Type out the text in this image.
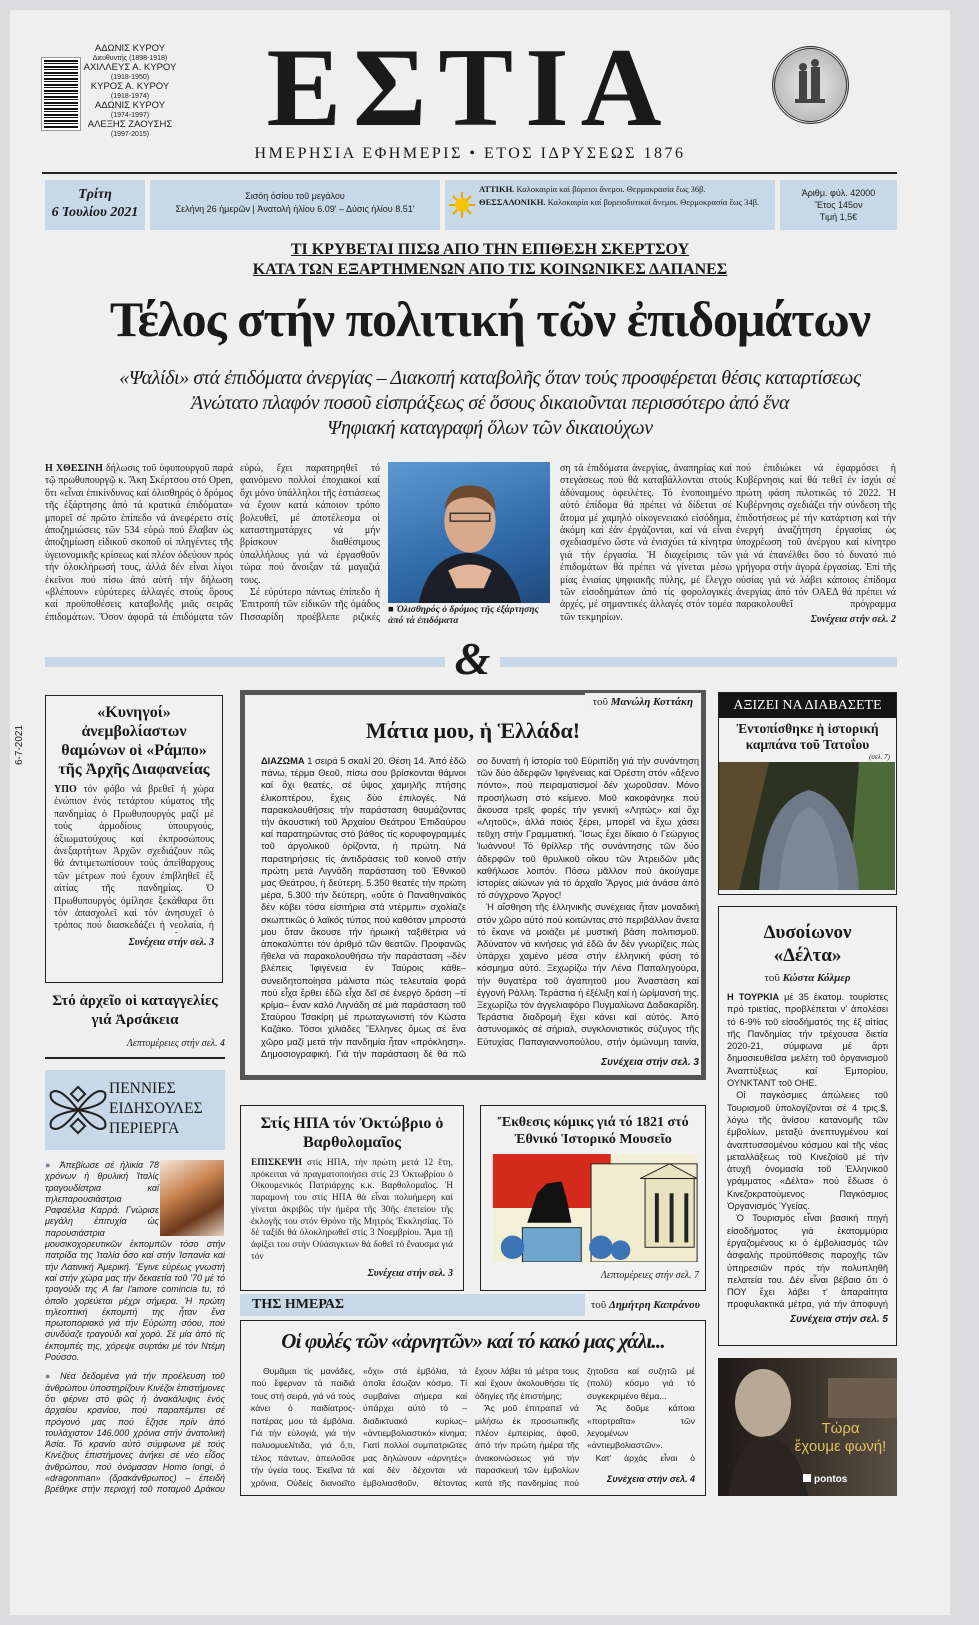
ΑΔΩΝΙΣ ΚΥΡΟΥ
Διευθυντής (1898-1918)
ΑΧΙΛΛΕΥΣ Α. ΚΥΡΟΥ
(1918-1950)
ΚΥΡΟΣ Α. ΚΥΡΟΥ
(1918-1974)
ΑΔΩΝΙΣ ΚΥΡΟΥ
(1974-1997)
ΑΛΕΞΗΣ ΖΑΟΥΣΗΣ
(1997-2015)	ΕΣΤΙΑ
ΗΜΕΡΗΣΙΑ ΕΦΗΜΕΡΙΣ • ΕΤΟΣ ΙΔΡΥΣΕΩΣ 1876
Τρίτη
6 Ἰουλίου 2021
Σισόη ὁσίου τοῦ μεγάλου
Σελήνη 26 ἡμερῶν | Ἀνατολή ἡλίου 6.09' – Δύσις ἡλίου 8.51'
ΑΤΤΙΚΗ. Καλοκαιρία καί βόρειοι ἄνεμοι. Θερμοκρασία ἕως 36β.
ΘΕΣΣΑΛΟΝΙΚΗ. Καλοκαιρία καί βορειοδυτικοί ἄνεμοι. Θερμοκρασία ἕως 34β.
Ἀριθμ. φύλ. 42000
Ἔτος 145ον
Τιμή 1,5€
ΤΙ ΚΡΥΒΕΤΑΙ ΠΙΣΩ ΑΠΟ ΤΗΝ ΕΠΙΘΕΣΗ ΣΚΕΡΤΣΟΥ
ΚΑΤΑ ΤΩΝ ΕΞΑΡΤΗΜΕΝΩΝ ΑΠΟ ΤΙΣ ΚΟΙΝΩΝΙΚΕΣ ΔΑΠΑΝΕΣ
Τέλος στήν πολιτική τῶν ἐπιδομάτων
«Ψαλίδι» στά ἐπιδόματα ἀνεργίας – Διακοπή καταβολῆς ὅταν τούς προσφέρεται θέσις καταρτίσεως
Ἀνώτατο πλαφόν ποσοῦ εἰσπράξεως σέ ὅσους δικαιοῦνται περισσότερο ἀπό ἕνα
Ψηφιακή καταγραφή ὅλων τῶν δικαιούχων

Η ΧΘΕΣΙΝΗ δήλωσις τοῦ ὑφυπουργοῦ παρά τῷ πρωθυπουργῷ κ. Ἄκη Σκέρτσου στό Open, ὅτι «εἶναι ἐπικίνδυνος καί ὀλισθηρός ὁ δρόμος τῆς ἐξάρτησης ἀπό τά κρατικά ἐπιδόματα» μπορεῖ σέ πρῶτο ἐπίπεδο νά ἀνεφέρετο στίς ἀποζημιώσεις τῶν 534 εὐρώ πού ἔλαβαν ὡς ἀποζημίωση εἰδικοῦ σκοποῦ οἱ πληγέντες τῆς ὑγειονομικῆς κρίσεως καί πλέον ὀδεύουν πρός τήν ὁλοκλήρωσή τους, ἀλλά δέν εἶναι λίγοι ἐκεῖνοι πού πίσω ἀπό αὐτή τήν δήλωση «βλέπουν» εὐρύτερες ἀλλαγές στούς ὅρους καί προϋποθέσεις καταβολῆς μιᾶς σειρᾶς ἐπιδομάτων. Ὅσον ἀφορᾶ τά ἐπιδόματα τῶν

εὐρώ, ἔχει παρατηρηθεῖ τό φαινόμενο πολλοί ἐποχιακοί καί ὄχι μόνο ὑπάλληλοι τῆς ἑστιάσεως νά ἔχουν κατά κάποιον τρόπο βολευθεῖ, μέ ἀποτέλεσμα οἱ καταστηματάρχες νά μήν βρίσκουν διαθέσιμους ὑπαλλήλους γιά νά ἐργασθοῦν τώρα πού ἄνοιξαν τά μαγαζιά τους.
 Σέ εὐρύτερο πάντως ἐπίπεδο ἡ Ἐπιτροπή τῶν εἰδικῶν τῆς ὁμάδος Πισσαρίδη προέβλεπε ριζικές

■ Ὀλισθηρός ὁ δρόμος τῆς ἐξάρτησης ἀπό τά ἐπιδόματα

ση τά ἐπιδόματα ἀνεργίας, ἀναπηρίας καί στεγάσεως πού θά καταβάλλονται στούς ἀδύναμους ὀφειλέτες. Τό ἑνοποιημένο αὐτό ἐπίδομα θά πρέπει νά δίδεται σέ ἄτομα μέ χαμηλό οἰκογενειακό εἰσόδημα, ἀκόμη καί ἐάν ἐργάζονται, καί νά εἶναι σχεδιασμένο ὥστε νά ἐνισχύει τά κίνητρα γιά τήν ἐργασία. Ἡ διαχείρισις τῶν ἐπιδομάτων θά πρέπει νά γίνεται μέσω μίας ἑνιαίας ψηφιακῆς πύλης, μέ ἔλεγχο τῶν εἰσοδημάτων ἀπό τίς φορολογικές ἀρχές, μέ σημαντικές ἀλλαγές στόν τομέα τῶν τεκμηρίων.

πού ἐπιδιώκει νά ἐφαρμόσει ἡ Κυβέρνησις καί θά τεθεῖ ἐν ἰσχύι σέ πρώτη φάση πιλοτικῶς τό 2022. Ἡ Κυβέρνησις σχεδιάζει τήν σύνδεση τῆς ἐπιδοτήσεως μέ τήν κατάρτιση καί τήν ἐνεργή ἀναζήτηση ἐργασίας ὡς ὑποχρέωση τοῦ ἀνέργου καί κίνητρο γιά νά ἐπανέλθει ὅσο τό δυνατό πιό γρήγορα στήν ἀγορά ἐργασίας. Ἐπί τῆς οὐσίας γιά νά λάβει κάποιος ἐπίδομα ἀνεργίας ἀπό τόν ΟΑΕΔ θά πρέπει νά παρακολουθεῖ πρόγραμμα

Συνέχεια στήν σελ. 2
&
6-7-2021
«Κυνηγοί» ἀνεμβολίαστων θαμώνων οἱ «Ράμπο» τῆς Ἀρχῆς Διαφανείας

ΥΠΟ τόν φόβο νά βρεθεῖ ἡ χώρα ἐνώπιον ἑνός τετάρτου κύματος τῆς πανδημίας ὁ Πρωθυπουργός μαζί μέ τούς ἁρμοδίους ὑπουργούς, ἀξιωματούχους καί ἐκπροσώπους ἀνεξαρτήτων Ἀρχῶν σχεδιάζουν πῶς θά ἀντιμετωπίσουν τούς ἀπείθαρχους τῶν μέτρων πού ἔχουν ἐπιβληθεῖ ἐξ αἰτίας τῆς πανδημίας. Ὁ Πρωθυπουργός ὁμίλησε ξεκάθαρα ὅτι τόν ἀπασχολεῖ καί τόν ἀνησυχεῖ ὁ τρόπος πού διασκεδάζει ἡ νεολαία, ἡ

Συνέχεια στήν σελ. 3
Στό ἀρχεῖο οἱ καταγγελίες γιά Ἀρσάκεια
Λεπτομέρειες στήν σελ. 4
ΠΕΝΝΙΕΣ
ΕΙΔΗΣΟΥΛΕΣ
ΠΕΡΙΕΡΓΑ

● Ἀπεβίωσε σέ ἡλικία 78 χρόνων ἡ θρυλική Ἰταλίς τραγουδίστρια καί τηλεπαρουσιάστρια Ραφαέλλα Καρρά. Γνώρισε μεγάλη ἐπιτυχία ὡς παρουσιάστρια μουσικοχορευτικῶν ἐκπομπῶν τόσο στήν πατρίδα της Ἰταλία ὅσο καί στήν Ἰσπανία καί τήν Λατινική Ἀμερική. Ἔγινε εὐρέως γνωστή καί στήν χώρα μας τήν δεκαετία τοῦ '70 μέ τό τραγούδι της A far l'amore comincia tu, τό ὁποῖο χορεύεται μέχρι σήμερα. Ἡ πρώτη τηλεοπτική ἐκπομπή της ἦταν ἕνα πρωτοποριακό γιά τήν Εὐρώπη σόου, πού συνδύαζε τραγούδι καί χορό. Σέ μία ἀπό τίς ἐκπομπές της, χόρεψε συρτάκι μέ τόν Ντέμη Ρούσσο.

● Νέα δεδομένα γιά τήν προέλευση τοῦ ἀνθρώπου ὑποστηρίζουν Κινέζοι ἐπιστήμονες ὅτι φέρνει στό φῶς ἡ ἀνακάλυψις ἑνός ἀρχαίου κρανίου, πού παραπέμπει σέ πρόγονό μας πού ἔζησε πρίν ἀπό τουλάχιστον 146.000 χρόνια στήν ἀνατολική Ἀσία. Τό κρανίο αὐτό σύμφωνα μέ τούς Κινέζους ἐπιστήμονες ἀνήκει σέ νέο εἶδος ἀνθρώπου, πού ὀνόμασαν Homo longi, ὁ «dragonman» (δρακάνθρωπος) – ἐπειδή βρέθηκε στήν περιοχή τοῦ ποταμοῦ Δράκου

τοῦ Μανώλη Κοττάκη
Μάτια μου, ἡ Ἑλλάδα!

ΔΙΑΖΩΜΑ 1 σειρά 5 σκαλί 20. Θέση 14. Ἀπό ἐδῶ πάνω, τέρμα Θεοῦ, πίσω σου βρίσκονται θάμνοι καί ὄχι θεατές, σέ ὕψος χαμηλῆς πτήσης ἑλικοπτέρου, ἔχεις δύο ἐπιλογές. Νά παρακολουθήσεις τήν παράσταση θαυμάζοντας τήν ἀκουστική τοῦ Ἀρχαίου Θεάτρου Ἐπιδαύρου καί παρατηρώντας στό βάθος τίς κορυφογραμμές τοῦ ἀργολικοῦ ὁρίζοντα, ἡ πρώτη. Νά παρατηρήσεις τίς ἀντιδράσεις τοῦ κοινοῦ στήν πρώτη μετά Λιγνάδη παράσταση τοῦ Ἐθνικοῦ μας Θεάτρου, ἡ δεύτερη. 5.350 θεατές τήν πρώτη μέρα, 5.300 τήν δεύτερη, «οὔτε ὁ Παναθηναϊκός δέν κόβει τόσα εἰσιτήρια στά ντέρμπι» σχολίαζε σκωπτικῶς ὁ λαϊκός τύπος πού καθόταν μπροστά μου ὅταν ἄκουσε τήν ἡρωική ταξιθέτρια νά ἀποκαλύπτει τόν ἀριθμό τῶν θεατῶν. Προφανῶς ἤθελα νά παρακολουθήσω τήν παράσταση –δέν βλέπεις Ἰφιγένεια ἐν Ταύροις κάθε– συνειδητοποίησα μάλιστα πώς τελευταία φορά πού εἶχα ἔρθει ἐδῶ εἶχα δεῖ σέ ἐνεργό δράση –τί κρίμα– ἕναν καλό Λιγνάδη σέ μιά παράσταση τοῦ Σταύρου Τσακίρη μέ πρωταγωνιστή τόν Κώστα Καζάκο. Τόσοι χιλιάδες Ἕλληνες ὅμως σέ ἕνα χῶρο μαζί μετά τήν πανδημία ἦταν «πρόκληση». Δημοσιογραφική. Γιά τήν παράσταση δέ θά πῶ

σο δυνατή ἡ ἱστορία τοῦ Εὐριπίδη γιά τήν συνάντηση τῶν δύο ἀδερφῶν Ἰφιγένειας καί Ὀρέστη στόν «ἄξενο πόντο», πού πειραματισμοί δέν χωροῦσαν. Μόνο προσήλωση στό κείμενο. Μοῦ κακοφάνηκε πού ἄκουσα τρεῖς φορές τήν γενική «Λητώς» καί ὄχι «Λητοῦς», ἀλλά ποιός ξέρει, μπορεῖ νά ἔχω χάσει τεῦχη στήν Γραμματική. Ἴσως ἔχει δίκαιο ὁ Γεώργιος Ἰωάννου! Τό θρίλλερ τῆς συνάντησης τῶν δύο ἀδερφῶν τοῦ θρυλικοῦ οἴκου τῶν Ἀτρειδῶν μᾶς καθήλωσε λοιπόν. Πόσω μᾶλλον πού ἀκούγαμε ἱστορίες αἰώνων γιά τό ἀρχαῖο Ἄργος μιά ἀνάσα ἀπό τό σύγχρονο Ἄργος!
 Ἡ αἴσθηση τῆς ἑλληνικῆς συνέχειας ἦταν μοναδική στόν χῶρο αὐτό πού κοιτώντας στό περιβάλλον ἄνετα τό ἔκανε νά μοιάζει μέ μυστική βάση πολιτισμοῦ. Ἀδύνατον νά κινήσεις γιά ἐδῶ ἄν δέν γνωρίζεις πώς ὑπάρχει χαμένο μέσα στήν ἑλληνική φύση τό κόσμημα αὐτό. Ξεχωρίζω τήν Λένα Παπαληγούρα, τήν θυγατέρα τοῦ ἀγαπητοῦ μου Ἀναστάση καί ἐγγονή Ράλλη. Τεράστια ἡ ἐξέλιξη καί ἡ ὡρίμανσή της. Ξεχωρίζω τόν ἀγγελιαφόρο Πυγμαλίωνα Δαδακαρίδη. Τεράστια διαδρομή ἔχει κάνει καί αὐτός. Ἀπό ἀστυνομικός σέ σήριαλ, συγκλονιστικός σύζυγος τῆς Εὐτυχίας Παπαγιαννοπούλου, στήν ὁμώνυμη ταινία,

Συνέχεια στήν σελ. 3
Στίς ΗΠΑ τόν Ὀκτώβριο ὁ Βαρθολομαῖος

ΕΠΙΣΚΕΨΗ στίς ΗΠΑ, τήν πρώτη μετά 12 ἔτη, πρόκειται νά πραγματοποιήσει στίς 23 Ὀκτωβρίου ὁ Οἰκουμενικός Πατριάρχης κ.κ. Βαρθολομαῖος. Ἡ παραμονή του στίς ΗΠΑ θά εἶναι πολυήμερη καί γίνεται ἀκριβῶς τήν ἡμέρα τῆς 30ῆς ἐπετείου τῆς ἐκλογῆς του στόν Θρόνο τῆς Μητρός Ἐκκλησίας. Τό δέ ταξίδι θά ὁλοκληρωθεῖ στίς 3 Νοεμβρίου. Ἅμα τῇ ἀφίξει του στήν Οὐάσιγκτων θά δοθεῖ τό ἔναυσμα γιά τόν

Συνέχεια στήν σελ. 3
Ἔκθεσις κόμικς γιά τό 1821 στό Ἐθνικό Ἱστορικό Μουσεῖο
Λεπτομέρειες στήν σελ. 7
ΤΗΣ ΗΜΕΡΑΣ	τοῦ Δημήτρη Καπράνου
Οἱ φυλές τῶν «ἀρνητῶν» καί τό κακό μας χάλι...

Θυμᾶμαι τίς μανάδες, πού ἔφερναν τά παιδιά τους στή σειρά, γιά νά τούς κάνει ὁ παιδίατρος-πατέρας μου τά ἐμβόλια. Γιά τήν εὐλογιά, γιά τήν πολυομυελίτιδα, γιά ὅ,τι, τέλος πάντων, ἀπειλοῦσε τήν ὑγεία τους. Ἐκεῖνα τά χρόνια, Οὐδείς διανοεῖτο

«ὄχι» στά ἐμβόλια, τά ὁποῖα ἔσωζαν κόσμο. Τί συμβαίνει σήμερα καί ὑπάρχει αὐτό τό –διαδικτυακό κυρίως– «ἀντιεμβολιαστικό» κίνημα; Γιατί πολλοί συμπατριῶτες μας δηλώνουν «ἀρνητές» καί δέν δέχονται νά ἐμβολιασθοῦν, θέτοντας

ἔχουν λάβει τά μέτρα τους καί ἔχουν ἀκολουθήσει τίς ὁδηγίες τῆς ἐπιστήμης;
 Ἄς μοῦ ἐπιτραπεῖ νά μιλήσω ἐκ προσωπικῆς πλέον ἐμπειρίας, ἀφοῦ, ἀπό τήν πρώτη ἡμέρα τῆς ἀνακοινώσεως γιά τήν παρασκευή τῶν ἐμβολίων κατά τῆς πανδημίας πού

ζητοῦσα καί συζητῶ μέ (πολύ) κόσμο γιά τό συγκεκριμένο θέμα...
 Ἄς δοῦμε κάποια «πορτραῖτα» τῶν λεγομένων «ἀντιεμβολιαστῶν».
 Κατ' ἀρχάς εἶναι ὁ

Συνέχεια στήν σελ. 4
ΑΞΙΖΕΙ ΝΑ ΔΙΑΒΑΣΕΤΕ
Ἐντοπίσθηκε ἡ ἱστορική καμπάνα τοῦ Τατοΐου
(σελ. 7)
Δυσοίωνον
«Δέλτα»
τοῦ Κώστα Κόλμερ

Η ΤΟΥΡΚΙΑ μέ 35 ἑκατομ. τουρίστες πρό τριετίας, προβλέπεται ν' ἀπολέσει τό 6-9% τοῦ εἰσοδήματός της ἐξ αἰτίας τῆς Πανδημίας τήν τρέχουσα διετία 2020-21, σύμφωνα μέ ἄρτι δημοσιευθεῖσα μελέτη τοῦ ὀργανισμοῦ Ἀναπτύξεως καί Ἐμπορίου, ΟΥΝΚΤΑΝΤ τοῦ ΟΗΕ.
 Οἱ παγκόσμιες ἀπώλειες τοῦ Τουρισμοῦ ὑπολογίζονται σέ 4 τρις.$, λόγω τῆς ἀνίσου κατανομῆς τῶν ἐμβολίων, μεταξύ ἀνεπτυγμένου καί ἀναπτυσσομένου κόσμου καί τῆς νέας μεταλλάξεως τοῦ Κινεζοϊοῦ μέ τήν ἀτυχῆ ὀνομασία τοῦ Ἑλληνικοῦ γράμματος «Δέλτα» πού ἔδωσε ὁ Κινεζοκρατούμενος Παγκόσμιος Ὀργανισμός Ὑγείας.
 Ὁ Τουρισμός εἶναι βασική πηγή εἰσοδήματος γιά ἑκατομμύρια ἐργαζομένους κι ὁ ἐμβολιασμός τῶν ἀσφαλής προϋπόθεσις παροχῆς τῶν ὑπηρεσιῶν πρός τήν πολυπληθῆ πελατεία του. Δέν εἶναι βέβαιο ὅτι ὁ ΠΟΥ ἔχει λάβει τ' ἀπαραίτητα προφυλακτικά μέτρα, γιά τήν ἀποφυγή

Συνέχεια στήν σελ. 5
Τώρα
ἔχουμε φωνή!
pontos
